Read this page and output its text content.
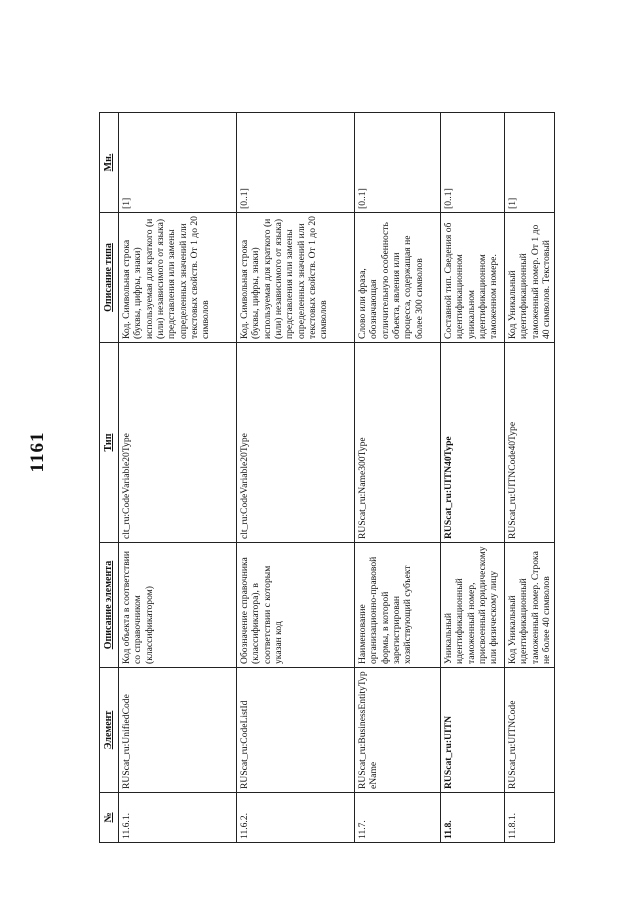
1161
№	Элемент	Описание элемента	Тип	Описание типа	Мн.
11.6.1.	RUScat_ru:UnifiedCode	Код объекта в соответствии со справочником (классификатором)	clt_ru:CodeVariable20Type	Код. Символьная строка (буквы, цифры, знаки) используемая для краткого (и (или) независимого от языка) представления или замены определенных значений или текстовых свойств. От 1 до 20 символов	[1]
11.6.2.	RUScat_ru:CodeListId	Обозначение справочника (классификатора), в соответствии с которым указан код	clt_ru:CodeVariable20Type	Код. Символьная строка (буквы, цифры, знаки) используемая для краткого (и (или) независимого от языка) представления или замены определенных значений или текстовых свойств. От 1 до 20 символов	[0..1]
11.7.	RUScat_ru:BusinessEntityTypeName	Наименование организационно-правовой формы, в которой зарегистрирован хозяйствующий субъект	RUScat_ru:Name300Type	Слово или фраза, обозначающая отличительную особенность объекта, явления или процесса, содержащая не более 300 символов	[0..1]
11.8.	RUScat_ru:UITN	Уникальный идентификационный таможенный номер, присвоенный юридическому или физическому лицу	RUScat_ru:UITN40Type	Составной тип. Сведения об идентификационном уникальном идентификационном таможенном номере.	[0..1]
11.8.1.	RUScat_ru:UITNCode	Код Уникальный идентификационный таможенный номер. Строка не более 40 символов	RUScat_ru:UITNCode40Type	Код Уникальный идентификационный таможенный номер. От 1 до 40 символов. Текстовый	[1]
